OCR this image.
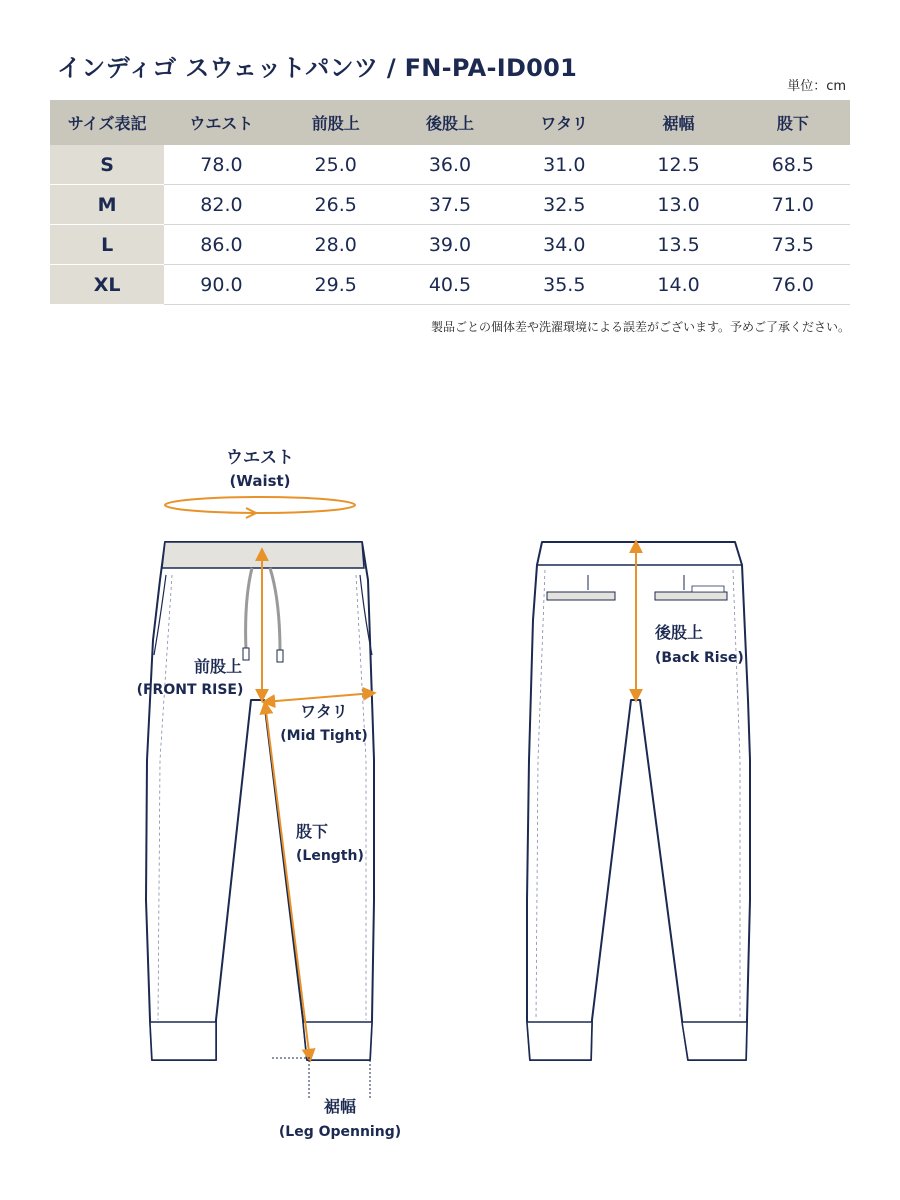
インディゴ スウェットパンツ / FN-PA-ID001
単位：cm
サイズ表記	ウエスト	前股上	後股上	ワタリ	裾幅	股下
S	78.0	25.0	36.0	31.0	12.5	68.5
M	82.0	26.5	37.5	32.5	13.0	71.0
L	86.0	28.0	39.0	34.0	13.5	73.5
XL	90.0	29.5	40.5	35.5	14.0	76.0
製品ごとの個体差や洗濯環境による誤差がございます。予めご了承ください。
ウエスト
(Waist)
前股上
(FRONT RISE)
ワタリ
(Mid Tight)
股下
(Length)
裾幅
(Leg Openning)
後股上
(Back Rise)
